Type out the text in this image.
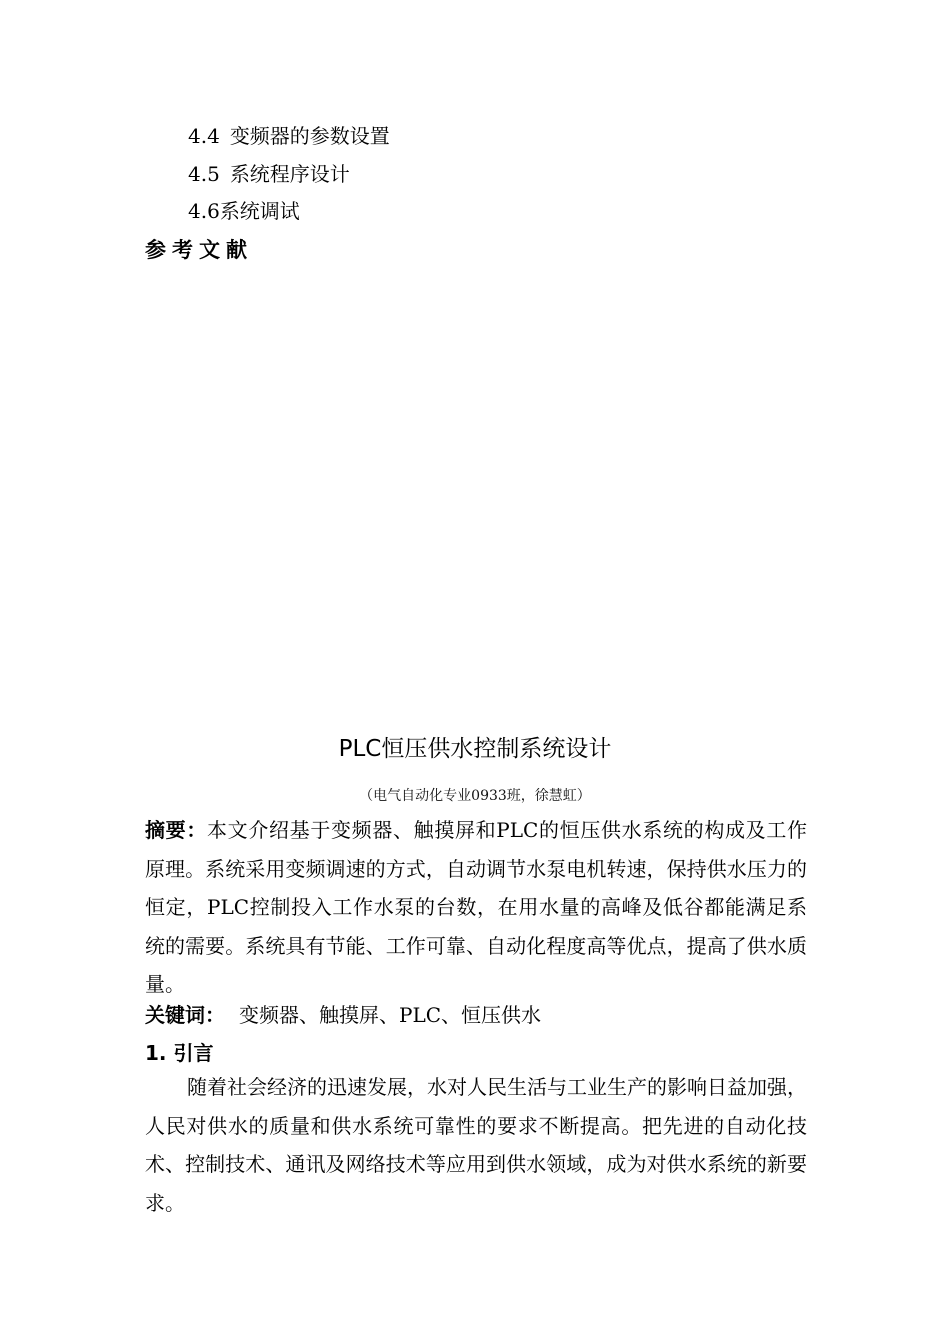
4.4 变频器的参数设置
4.5 系统程序设计
4.6系统调试
参考文献
PLC恒压供水控制系统设计
（电气自动化专业0933班，徐慧虹）
摘要：本文介绍基于变频器、触摸屏和PLC的恒压供水系统的构成及工作原理。系统采用变频调速的方式，自动调节水泵电机转速，保持供水压力的恒定，PLC控制投入工作水泵的台数，在用水量的高峰及低谷都能满足系统的需要。系统具有节能、工作可靠、自动化程度高等优点，提高了供水质量。
关键词： 变频器、触摸屏、PLC、恒压供水
1. 引言
随着社会经济的迅速发展，水对人民生活与工业生产的影响日益加强，人民对供水的质量和供水系统可靠性的要求不断提高。把先进的自动化技术、控制技术、通讯及网络技术等应用到供水领域，成为对供水系统的新要求。
